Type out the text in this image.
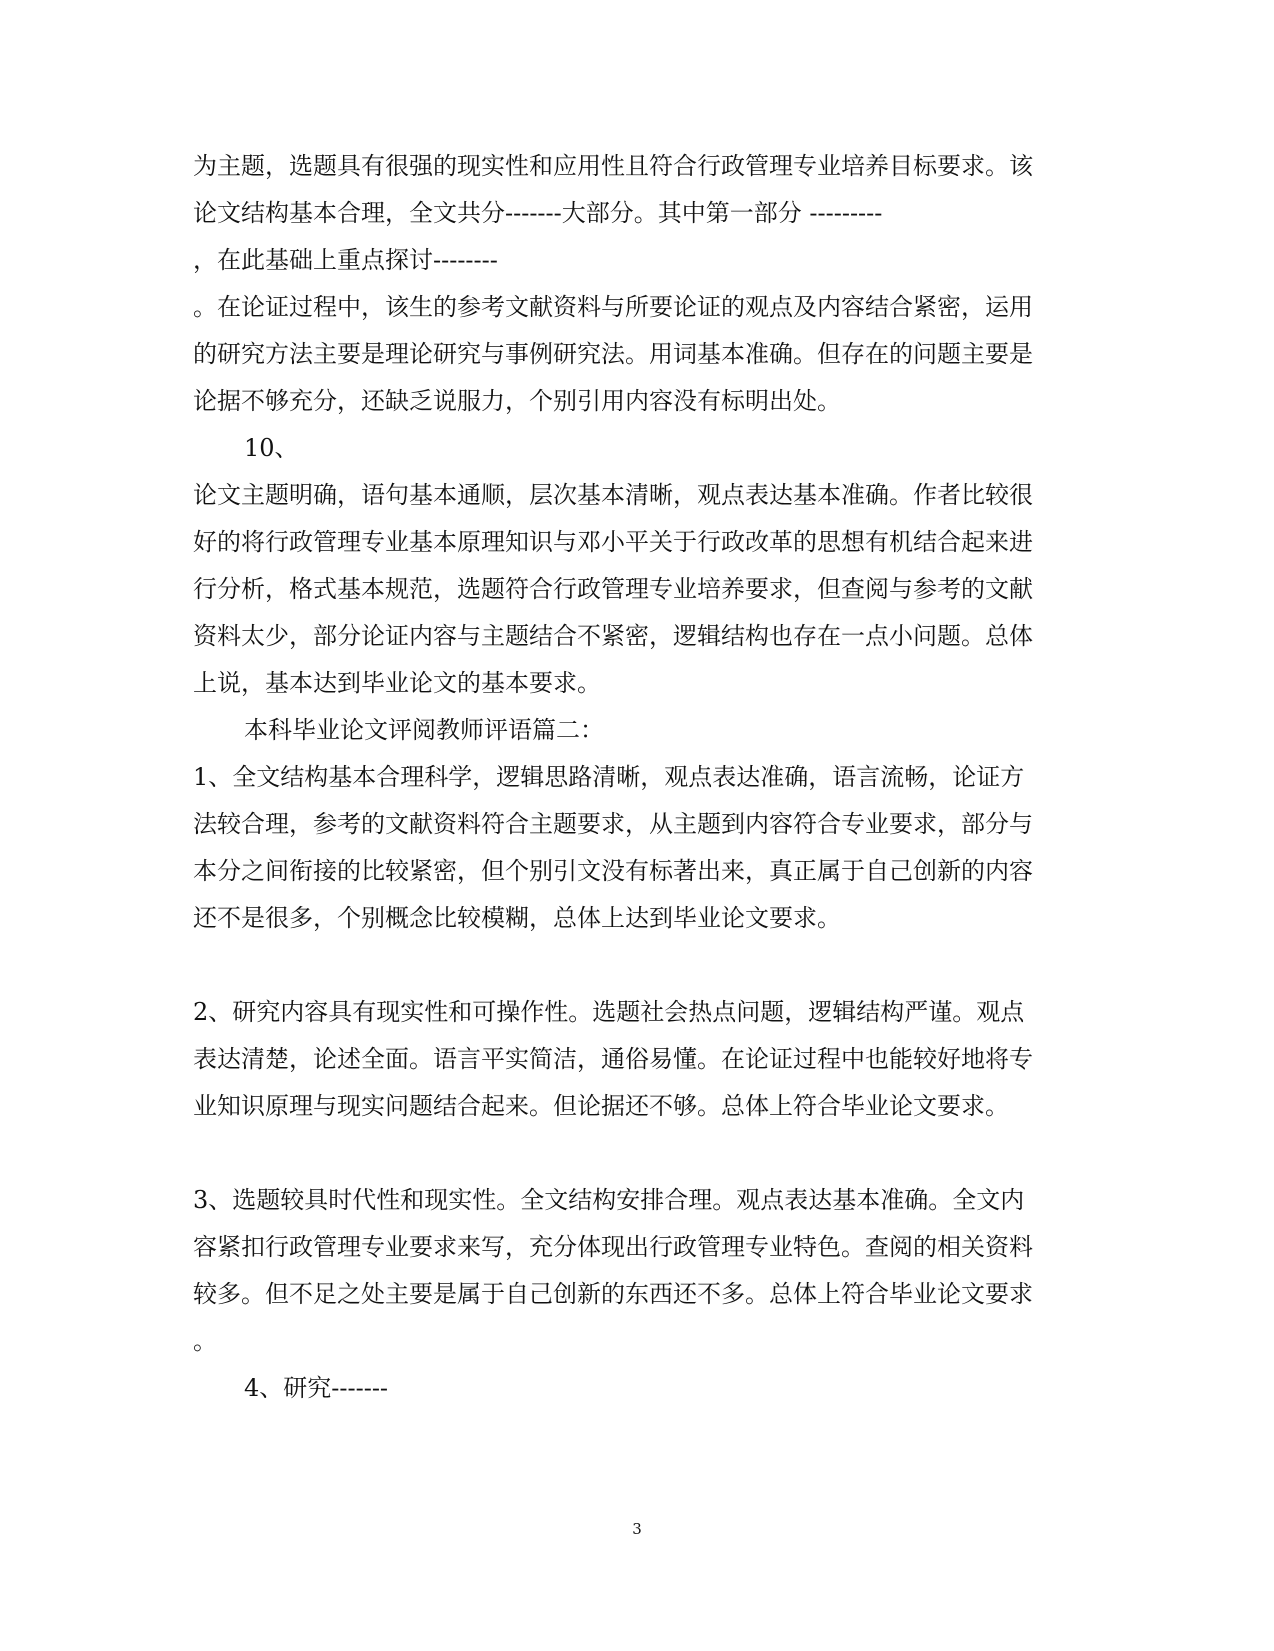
为主题，选题具有很强的现实性和应用性且符合行政管理专业培养目标要求。该

论文结构基本合理，全文共分-------大部分。其中第一部分 ---------

，在此基础上重点探讨--------

。在论证过程中，该生的参考文献资料与所要论证的观点及内容结合紧密，运用

的研究方法主要是理论研究与事例研究法。用词基本准确。但存在的问题主要是

论据不够充分，还缺乏说服力，个别引用内容没有标明出处。

10、

论文主题明确，语句基本通顺，层次基本清晰，观点表达基本准确。作者比较很

好的将行政管理专业基本原理知识与邓小平关于行政改革的思想有机结合起来进

行分析，格式基本规范，选题符合行政管理专业培养要求，但查阅与参考的文献

资料太少，部分论证内容与主题结合不紧密，逻辑结构也存在一点小问题。总体

上说，基本达到毕业论文的基本要求。

本科毕业论文评阅教师评语篇二：

1、全文结构基本合理科学，逻辑思路清晰，观点表达准确，语言流畅，论证方

法较合理，参考的文献资料符合主题要求，从主题到内容符合专业要求，部分与

本分之间衔接的比较紧密，但个别引文没有标著出来，真正属于自己创新的内容

还不是很多，个别概念比较模糊，总体上达到毕业论文要求。

2、研究内容具有现实性和可操作性。选题社会热点问题，逻辑结构严谨。观点

表达清楚，论述全面。语言平实简洁，通俗易懂。在论证过程中也能较好地将专

业知识原理与现实问题结合起来。但论据还不够。总体上符合毕业论文要求。

3、选题较具时代性和现实性。全文结构安排合理。观点表达基本准确。全文内

容紧扣行政管理专业要求来写，充分体现出行政管理专业特色。查阅的相关资料

较多。但不足之处主要是属于自己创新的东西还不多。总体上符合毕业论文要求

。

4、研究-------

3
